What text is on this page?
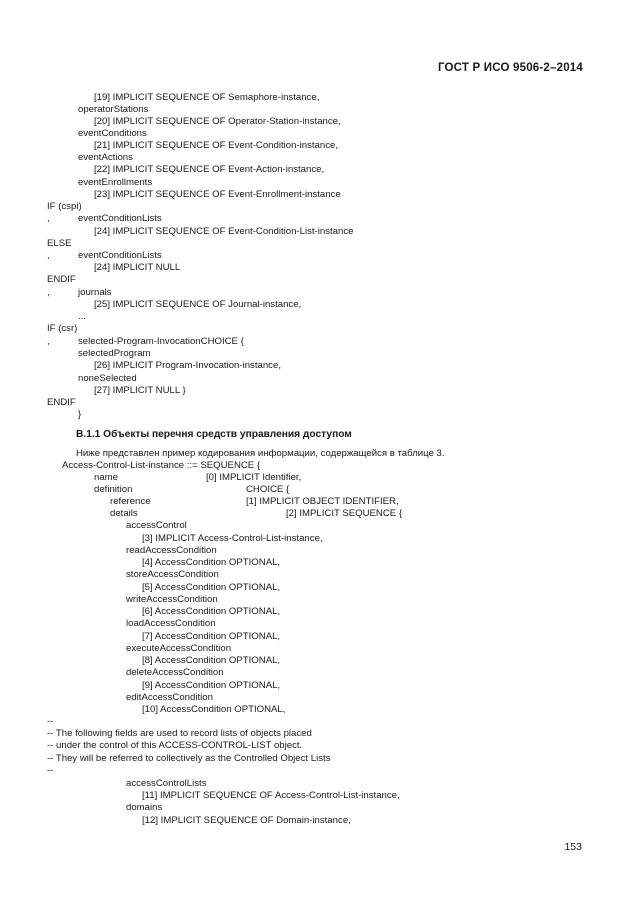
ГОСТ Р ИСО 9506-2–2014
[19] IMPLICIT SEQUENCE OF Semaphore-instance,
operatorStations
[20] IMPLICIT SEQUENCE OF Operator-Station-instance,
eventConditions
[21] IMPLICIT SEQUENCE OF Event-Condition-instance,
eventActions
[22] IMPLICIT SEQUENCE OF Event-Action-instance,
eventEnrollments
[23] IMPLICIT SEQUENCE OF Event-Enrollment-instance
IF (cspi)
,	eventConditionLists
[24] IMPLICIT SEQUENCE OF Event-Condition-List-instance
ELSE
,	eventConditionLists
[24] IMPLICIT NULL
ENDIF
,	journals
[25] IMPLICIT SEQUENCE OF Journal-instance,
...
IF (csr)
,	selected-Program-InvocationCHOICE {
selectedProgram
[26] IMPLICIT Program-Invocation-instance,
noneSelected
[27] IMPLICIT NULL }
ENDIF
}
Ниже представлен пример кодирования информации, содержащейся в таблице 3.
Access-Control-List-instance ::= SEQUENCE {
name	[0] IMPLICIT Identifier,
definition	CHOICE {
reference	[1] IMPLICIT OBJECT IDENTIFIER,
details	[2] IMPLICIT SEQUENCE {
accessControl
[3] IMPLICIT Access-Control-List-instance,
readAccessCondition
[4] AccessCondition OPTIONAL,
storeAccessCondition
[5] AccessCondition OPTIONAL,
writeAccessCondition
[6] AccessCondition OPTIONAL,
loadAccessCondition
[7] AccessCondition OPTIONAL,
executeAccessCondition
[8] AccessCondition OPTIONAL,
deleteAccessCondition
[9] AccessCondition OPTIONAL,
editAccessCondition
[10] AccessCondition OPTIONAL,
--
-- The following fields are used to record lists of objects placed
-- under the control of this ACCESS-CONTROL-LIST object.
-- They will be referred to collectively as the Controlled Object Lists
--
accessControlLists
[11] IMPLICIT SEQUENCE OF Access-Control-List-instance,
domains
[12] IMPLICIT SEQUENCE OF Domain-instance,
В.1.1 Объекты перечня средств управления доступом
153
